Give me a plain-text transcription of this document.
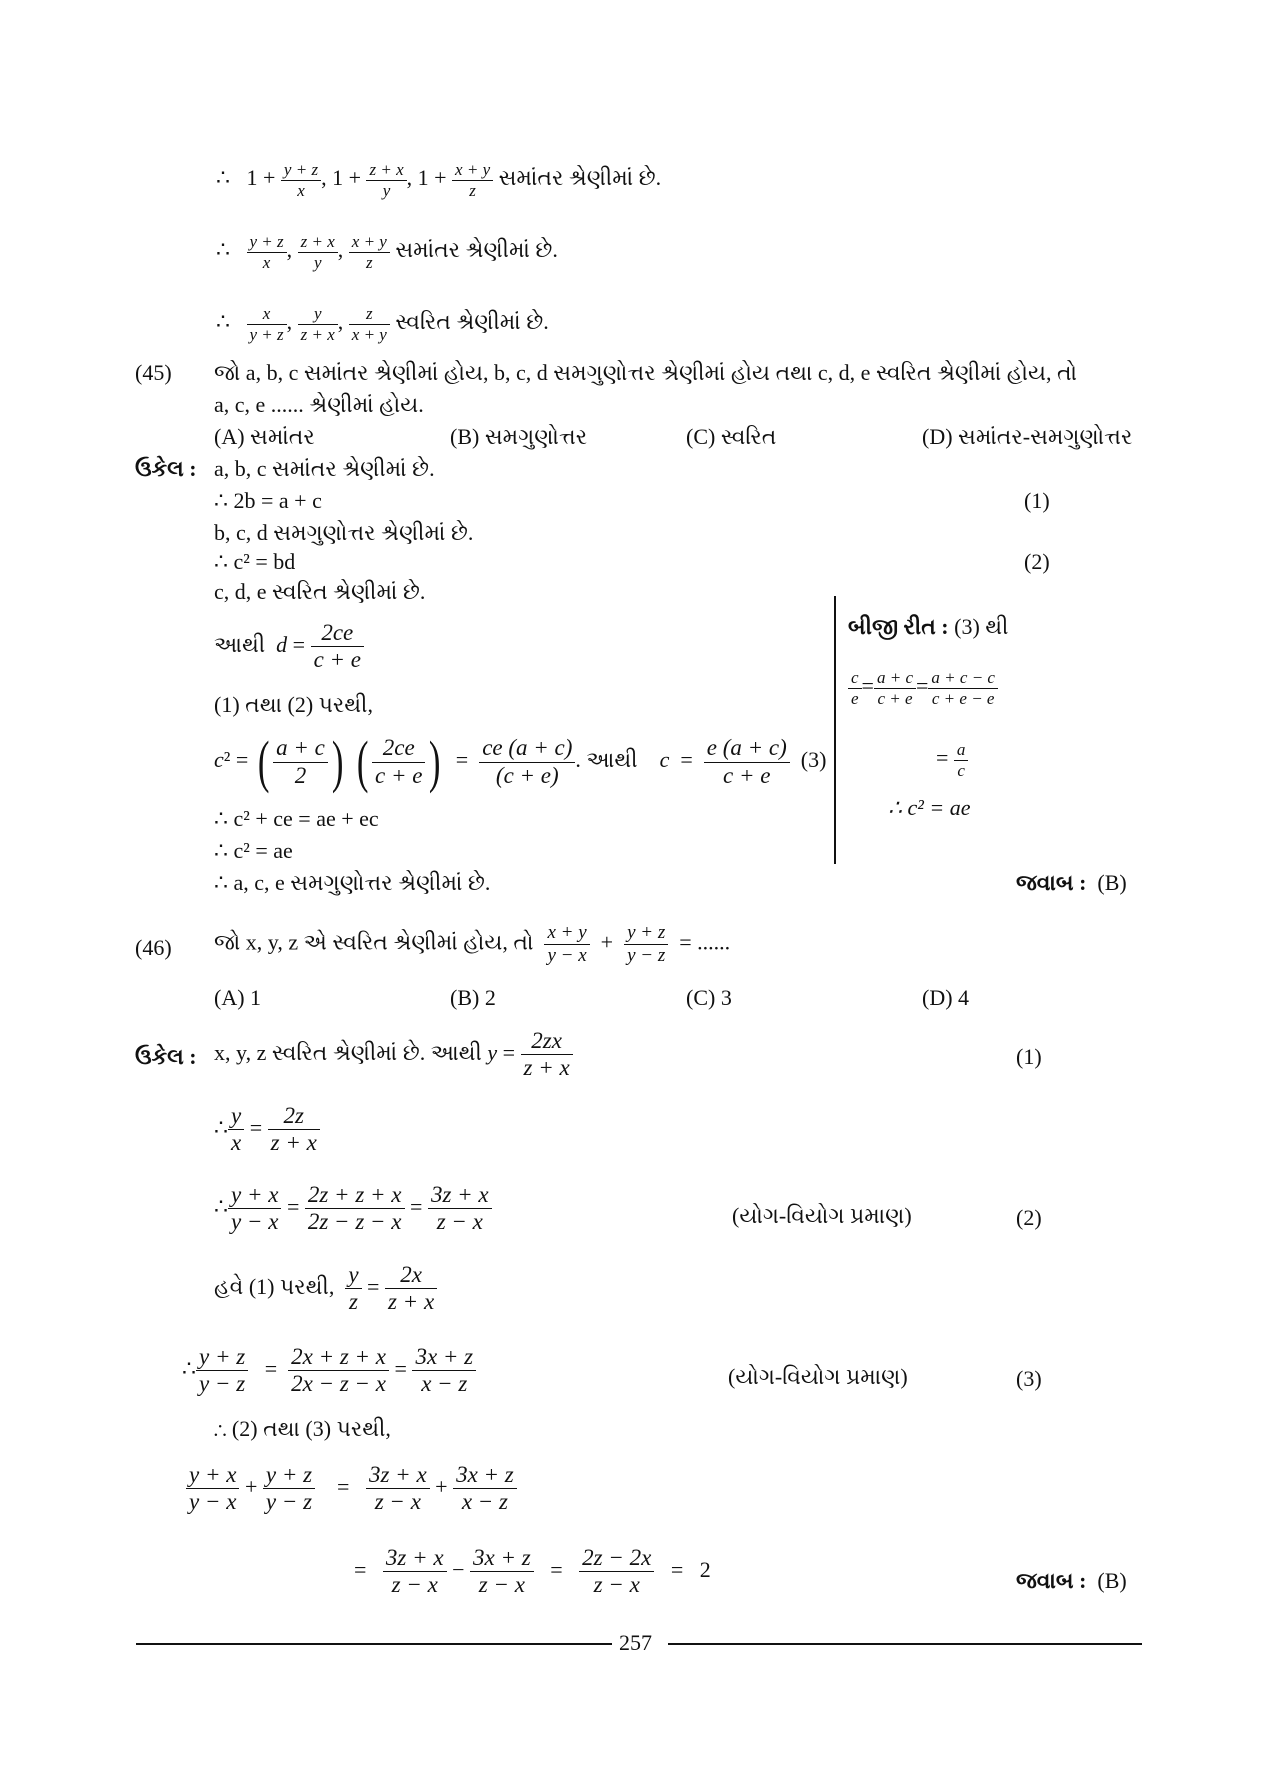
∴   $1 + \frac{y + z}{x}$ , $1 + \frac{z + x}{y}$ , $1 + \frac{x + y}{z}$ સમાંતર શ્રેણીમાં છે.
∴ $\frac{y + z}{x}$ , $\frac{z + x}{y}$ , $\frac{x + y}{z}$ સમાંતર શ્રેણીમાં છે.
∴ $\frac{x}{y + z}$ , $\frac{y}{z + x}$ , $\frac{z}{x + y}$ સ્વરિત શ્રેણીમાં છે.
(45) જો a, b, c સમાંતર શ્રેણીમાં હોય, b, c, d સમગુણોત્તર શ્રેણીમાં હોય તથા c, d, e સ્વરિત શ્રેણીમાં હોય, તો
a, c, e ...... શ્રેણીમાં હોય.
(A) સમાંતર	(B) સમગુણોત્તર	(C) સ્વરિત	(D) સમાંતર-સમગુણોત્તર
ઉકેલ : a, b, c સમાંતર શ્રેણીમાં છે.
∴ 2b = a + c	(1)
b, c, d સમગુણોત્તર શ્રેણીમાં છે.
∴ c² = bd	(2)
c, d, e સ્વરિત શ્રેણીમાં છે.
આથી $d = \frac{2ce}{c + e}$
(1) તથા (2) પરથી,
c² = ( $\frac{a + c}{2}$ ) ( $\frac{2ce}{c + e}$ )  = $\frac{ce (a + c)}{(c + e)}$ . આથી $c = \frac{e (a + c)}{c + e} (3)$
∴ c² + ce = ae + ec
∴ c² = ae
∴ a, c, e સમગુણોત્તર શ્રેણીમાં છે.	જવાબ : (B)
બીજી રીત : (3) થી
$\frac{c}{e} = \frac{a + c}{c + e} = \frac{a + c - c}{c + e - e}$
= $\frac{a}{c}$
∴ c² = ae
(46) જો x, y, z એ સ્વરિત શ્રેણીમાં હોય, તો $\frac{x + y}{y - x} + \frac{y + z}{y - z}$ = ......
(A) 1	(B) 2	(C) 3	(D) 4
ઉકેલ : x, y, z સ્વરિત શ્રેણીમાં છે. આથી $y = \frac{2zx}{z + x}$	(1)
∴ $\frac{y}{x} = \frac{2z}{z + x}$
∴ $\frac{y + x}{y - x} = \frac{2z + z + x}{2z - z - x} = \frac{3z + x}{z - x}$	(યોગ-વિયોગ પ્રમાણ)	(2)
હવે (1) પરથી, $\frac{y}{z} = \frac{2x}{z + x}$
∴ $\frac{y + z}{y - z} = \frac{2x + z + x}{2x - z - x} = \frac{3x + z}{x - z}$	(યોગ-વિયોગ પ્રમાણ)	(3)
∴ (2) તથા (3) પરથી,
$\frac{y + x}{y - x} + \frac{y + z}{y - z} = \frac{3z + x}{z - x} + \frac{3x + z}{x - z}$
= $\frac{3z + x}{z - x} - \frac{3x + z}{z - x} = \frac{2z - 2x}{z - x} = 2$	જવાબ : (B)
257
